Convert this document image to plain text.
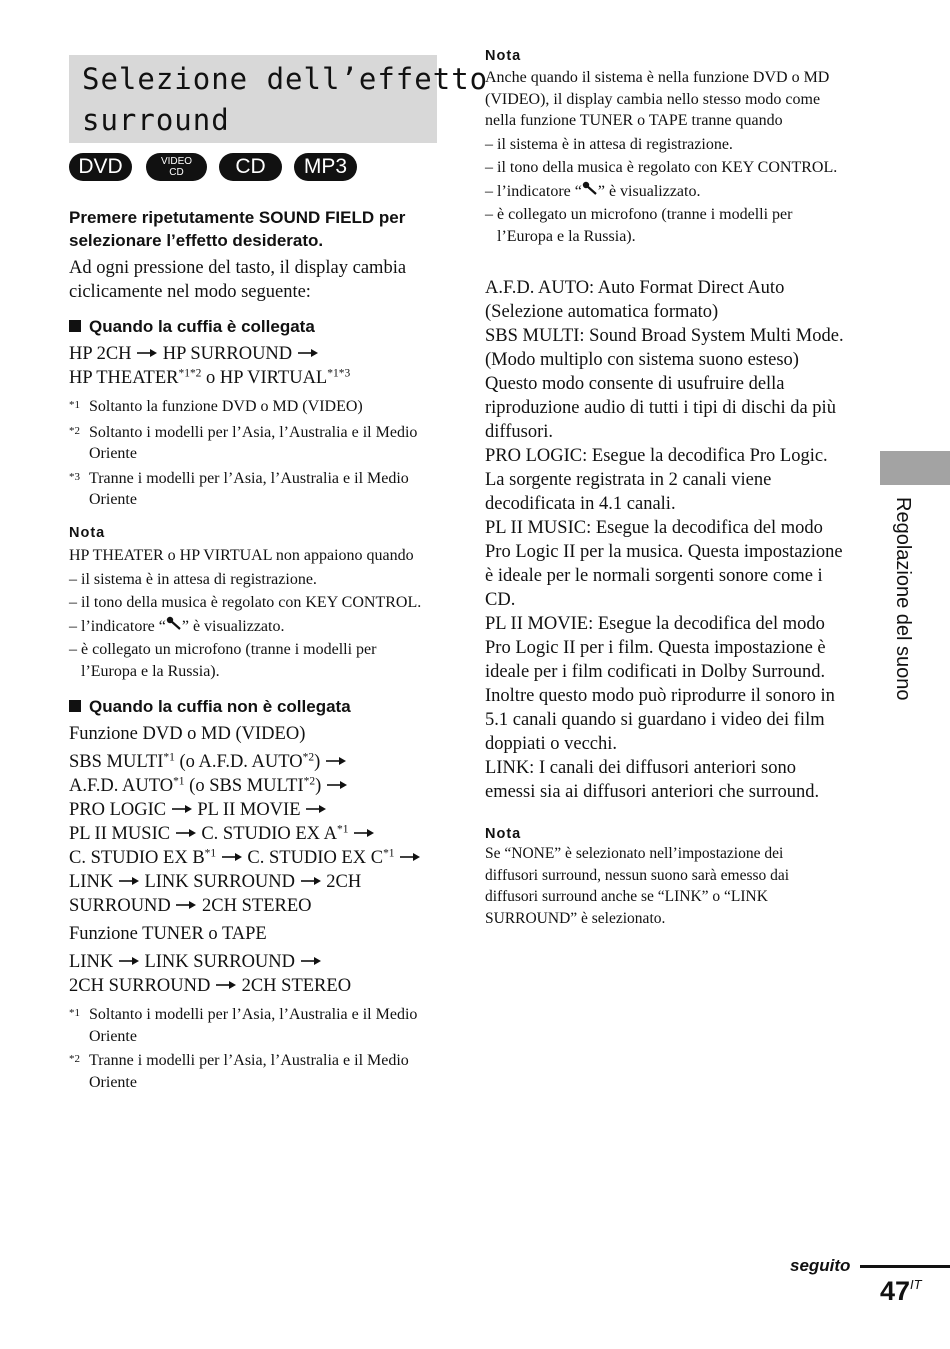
Selezione dell’effetto
surround
DVD	VIDEO
CD	CD	MP3
Premere ripetutamente SOUND FIELD per selezionare l’effetto desiderato.
Ad ogni pressione del tasto, il display cambia
ciclicamente nel modo seguente:
Quando la cuffia è collegata
HP 2CH HP SURROUND
HP $THEATER^{*1*2}$ o HP $VIRTUAL^{*1*3}$
*1 Soltanto la funzione DVD o MD (VIDEO)
*2 Soltanto i modelli per l’Asia, l’Australia e il Medio
Oriente
*3 Tranne i modelli per l’Asia, l’Australia e il Medio
Oriente
Nota
HP THEATER o HP VIRTUAL non appaiono quando
– il sistema è in attesa di registrazione.
– il tono della musica è regolato con KEY CONTROL.
– l’indicatore “ ” è visualizzato.
– è collegato un microfono (tranne i modelli per
l’Europa e la Russia).
Quando la cuffia non è collegata
Funzione DVD o MD (VIDEO)
SBS MULTI$^{*1}$ (o A.F.D. AUTO$^{*2}$)
A.F.D. AUTO$^{*1}$ (o SBS MULTI$^{*2}$)
PRO LOGIC PL II MOVIE
PL II MUSIC C. STUDIO EX $A^{*1}$
C. STUDIO EX $B^{*1}$ C. STUDIO EX $C^{*1}$
LINK LINK SURROUND 2CH
SURROUND 2CH STEREO
Funzione TUNER o TAPE
LINK LINK SURROUND
2CH SURROUND 2CH STEREO
*1 Soltanto i modelli per l’Asia, l’Australia e il Medio
Oriente
*2 Tranne i modelli per l’Asia, l’Australia e il Medio
Oriente
Nota
Anche quando il sistema è nella funzione DVD o MD
(VIDEO), il display cambia nello stesso modo come
nella funzione TUNER o TAPE tranne quando
– il sistema è in attesa di registrazione.
– il tono della musica è regolato con KEY CONTROL.
– l’indicatore “ ” è visualizzato.
– è collegato un microfono (tranne i modelli per
l’Europa e la Russia).
A.F.D. AUTO: Auto Format Direct Auto
(Selezione automatica formato)
SBS MULTI: Sound Broad System Multi Mode.
(Modo multiplo con sistema suono esteso)
Questo modo consente di usufruire della
riproduzione audio di tutti i tipi di dischi da più
diffusori.
PRO LOGIC: Esegue la decodifica Pro Logic.
La sorgente registrata in 2 canali viene
decodificata in 4.1 canali.
PL II MUSIC: Esegue la decodifica del modo
Pro Logic II per la musica. Questa impostazione
è ideale per le normali sorgenti sonore come i
CD.
PL II MOVIE: Esegue la decodifica del modo
Pro Logic II per i film. Questa impostazione è
ideale per i film codificati in Dolby Surround.
Inoltre questo modo può riprodurre il sonoro in
5.1 canali quando si guardano i video dei film
doppiati o vecchi.
LINK: I canali dei diffusori anteriori sono
emessi sia ai diffusori anteriori che surround.
Nota
Se “NONE” è selezionato nell’impostazione dei
diffusori surround, nessun suono sarà emesso dai
diffusori surround anche se “LINK” o “LINK
SURROUND” è selezionato.
Regolazione del suono
seguito
$47^{IT}$
